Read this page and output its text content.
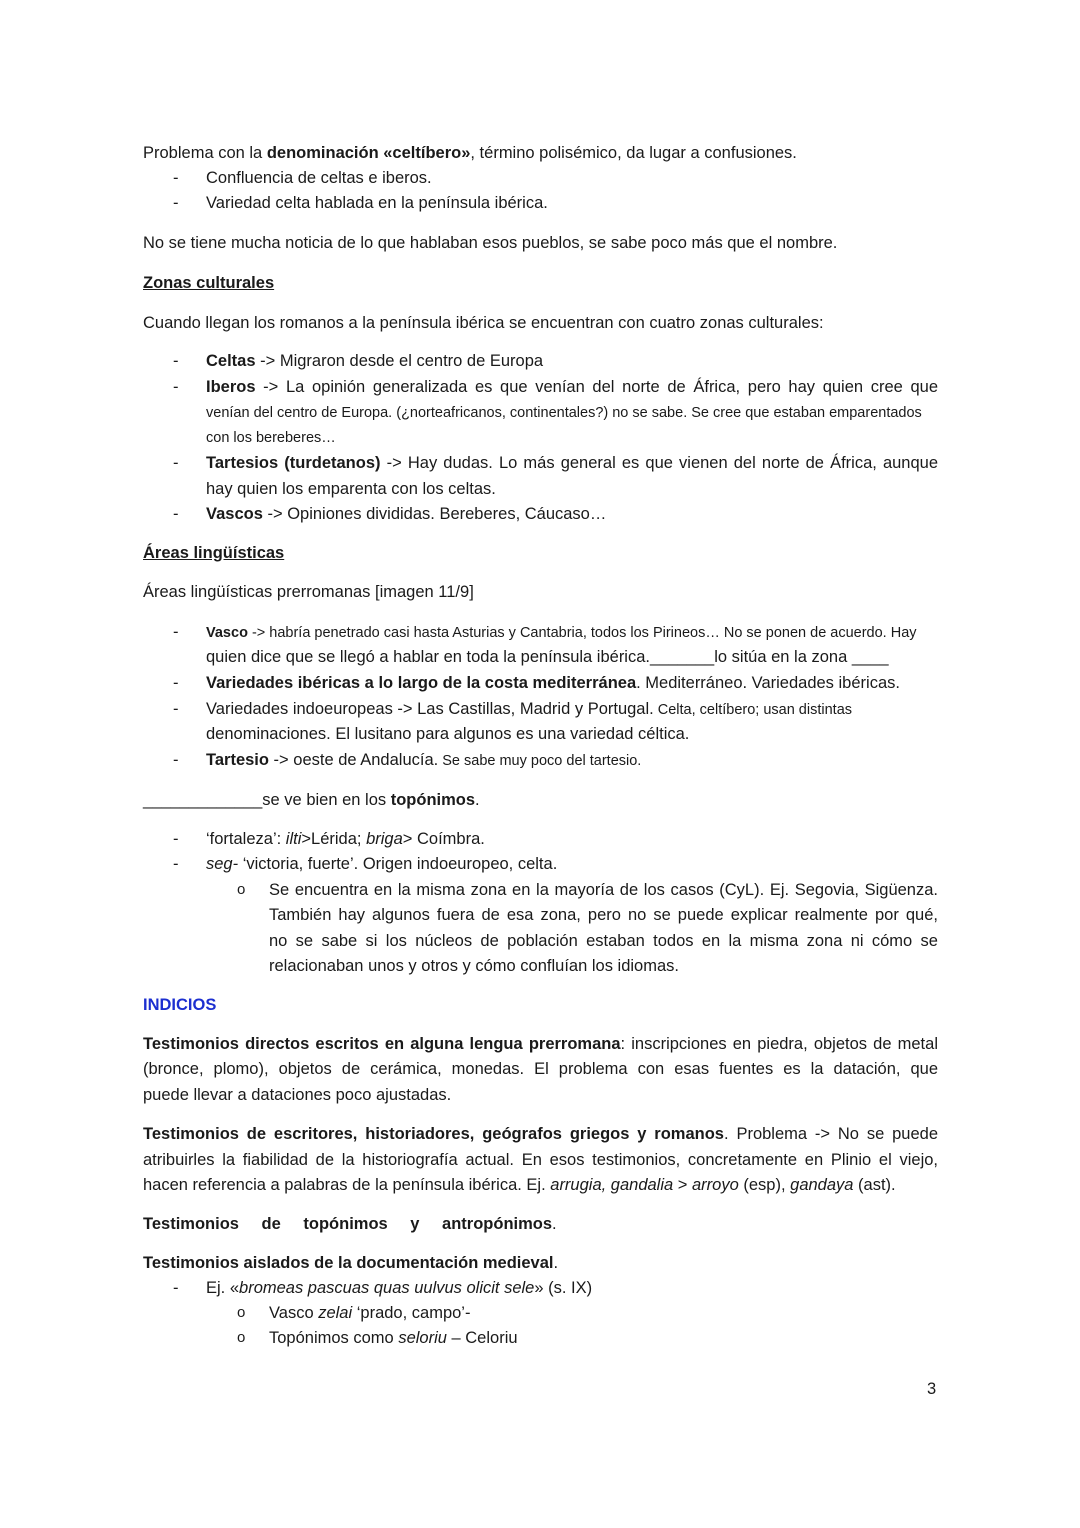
Problema con la denominación «celtíbero», término polisémico, da lugar a confusiones.
- Confluencia de celtas e iberos.
- Variedad celta hablada en la península ibérica.
No se tiene mucha noticia de lo que hablaban esos pueblos, se sabe poco más que el nombre.
Zonas culturales
Cuando llegan los romanos a la península ibérica se encuentran con cuatro zonas culturales:
- Celtas -> Migraron desde el centro de Europa
- Iberos -> La opinión generalizada es que venían del norte de África, pero hay quien cree que
venían del centro de Europa. (¿norteafricanos, continentales?) no se sabe. Se cree que estaban emparentados
con los bereberes…
- Tartesios (turdetanos) -> Hay dudas. Lo más general es que vienen del norte de África, aunque
hay quien los emparenta con los celtas.
- Vascos -> Opiniones divididas. Bereberes, Cáucaso…
Áreas lingüísticas
Áreas lingüísticas prerromanas [imagen 11/9]
- Vasco -> habría penetrado casi hasta Asturias y Cantabria, todos los Pirineos… No se ponen de acuerdo. Hay
quien dice que se llegó a hablar en toda la península ibérica._______lo sitúa en la zona ____
- Variedades ibéricas a lo largo de la costa mediterránea. Mediterráneo. Variedades ibéricas.
- Variedades indoeuropeas -> Las Castillas, Madrid y Portugal. Celta, celtíbero; usan distintas
denominaciones. El lusitano para algunos es una variedad céltica.
- Tartesio -> oeste de Andalucía. Se sabe muy poco del tartesio.
_____________se ve bien en los topónimos.
- ‘fortaleza’: ilti>Lérida; briga> Coímbra.
- seg- ‘victoria, fuerte’. Origen indoeuropeo, celta.
o Se encuentra en la misma zona en la mayoría de los casos (CyL). Ej. Segovia, Sigüenza.
También hay algunos fuera de esa zona, pero no se puede explicar realmente por qué,
no se sabe si los núcleos de población estaban todos en la misma zona ni cómo se
relacionaban unos y otros y cómo confluían los idiomas.
INDICIOS
Testimonios directos escritos en alguna lengua prerromana: inscripciones en piedra, objetos de metal
(bronce, plomo), objetos de cerámica, monedas. El problema con esas fuentes es la datación, que
puede llevar a dataciones poco ajustadas.
Testimonios de escritores, historiadores, geógrafos griegos y romanos. Problema -> No se puede
atribuirles la fiabilidad de la historiografía actual. En esos testimonios, concretamente en Plinio el viejo,
hacen referencia a palabras de la península ibérica. Ej. arrugia, gandalia > arroyo (esp), gandaya (ast).
Testimonios de topónimos y antropónimos.
Testimonios aislados de la documentación medieval.
- Ej. «bromeas pascuas quas uulvus olicit sele» (s. IX)
o Vasco zelai ‘prado, campo’-
o Topónimos como seloriu – Celoriu
3
